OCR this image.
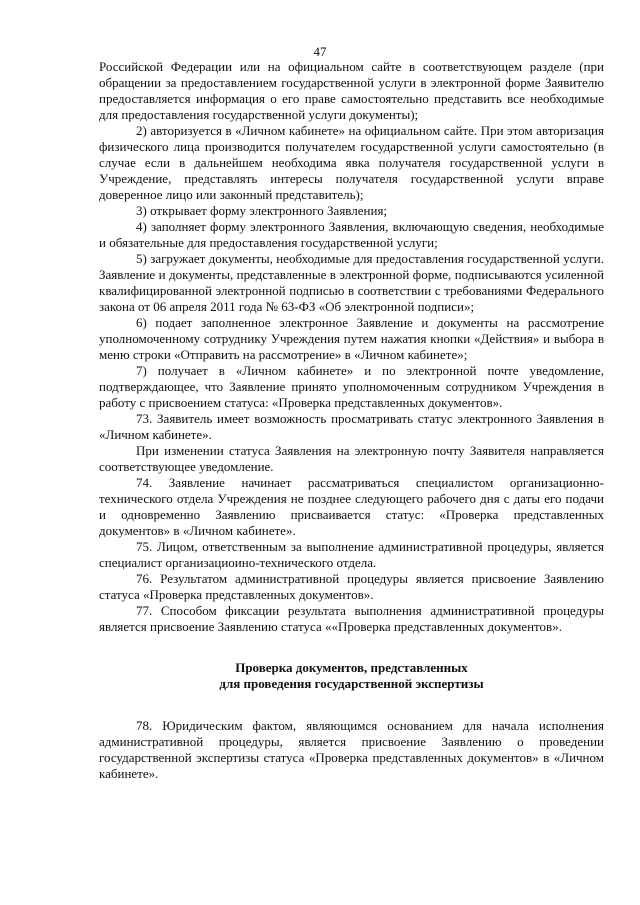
47

Российской Федерации или на официальном сайте в соответствующем разделе (при обращении за предоставлением государственной услуги в электронной форме Заявителю предоставляется информация о его праве самостоятельно представить все необходимые для предоставления государственной услуги документы);

2) авторизуется в «Личном кабинете» на официальном сайте. При этом авторизация физического лица производится получателем государственной услуги самостоятельно (в случае если в дальнейшем необходима явка получателя государственной услуги в Учреждение, представлять интересы получателя государственной услуги вправе доверенное лицо или законный представитель);

3) открывает форму электронного Заявления;

4) заполняет форму электронного Заявления, включающую сведения, необходимые и обязательные для предоставления государственной услуги;

5) загружает документы, необходимые для предоставления государственной услуги. Заявление и документы, представленные в электронной форме, подписываются усиленной квалифицированной электронной подписью в соответствии с требованиями Федерального закона от 06 апреля 2011 года № 63-ФЗ «Об электронной подписи»;

6) подает заполненное электронное Заявление и документы на рассмотрение уполномоченному сотруднику Учреждения путем нажатия кнопки «Действия» и выбора в меню строки «Отправить на рассмотрение» в «Личном кабинете»;

7) получает в «Личном кабинете» и по электронной почте уведомление, подтверждающее, что Заявление принято уполномоченным сотрудником Учреждения в работу с присвоением статуса: «Проверка представленных документов».

73. Заявитель имеет возможность просматривать статус электронного Заявления в «Личном кабинете».

При изменении статуса Заявления на электронную почту Заявителя направляется соответствующее уведомление.

74. Заявление начинает рассматриваться специалистом организационно-технического отдела Учреждения не позднее следующего рабочего дня с даты его подачи и одновременно Заявлению присваивается статус: «Проверка представленных документов» в «Личном кабинете».

75. Лицом, ответственным за выполнение административной процедуры, является специалист организациоино-технического отдела.

76. Результатом административной процедуры является присвоение Заявлению статуса «Проверка представленных документов».

77. Способом фиксации результата выполнения административной процедуры является присвоение Заявлению статуса ««Проверка представленных документов».

Проверка документов, представленных
для проведения государственной экспертизы

78. Юридическим фактом, являющимся основанием для начала исполнения административной процедуры, является присвоение Заявлению о проведении государственной экспертизы статуса «Проверка представленных документов» в «Личном кабинете».
